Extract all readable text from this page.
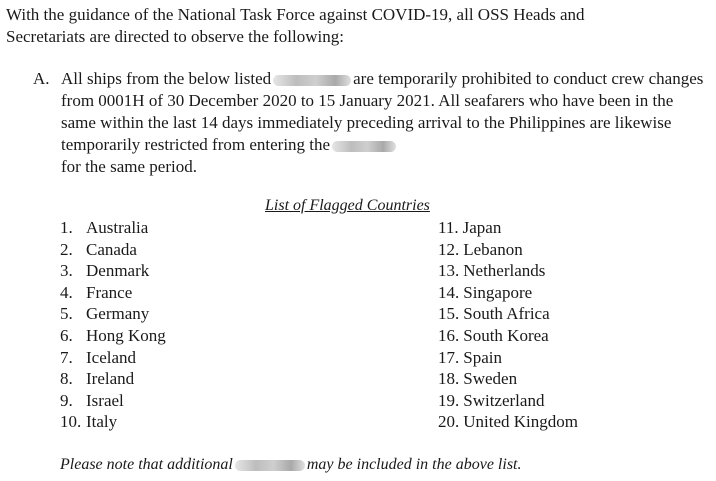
With the guidance of the National Task Force against COVID-19, all OSS Heads and
Secretariats are directed to observe the following:

A. All ships from the below listed	are temporarily prohibited to conduct crew changes from 0001H of 30 December 2020 to 15 January 2021. All seafarers who have been in the same within the last 14 days immediately preceding arrival to the Philippines are likewise temporarily restricted from entering the
for the same period.
List of Flagged Countries
1. Australia
2. Canada
3. Denmark
4. France
5. Germany
6. Hong Kong
7. Iceland
8. Ireland
9. Israel
10. Italy
11. Japan
12. Lebanon
13. Netherlands
14. Singapore
15. South Africa
16. South Korea
17. Spain
18. Sweden
19. Switzerland
20. United Kingdom
Please note that additional	may be included in the above list.
